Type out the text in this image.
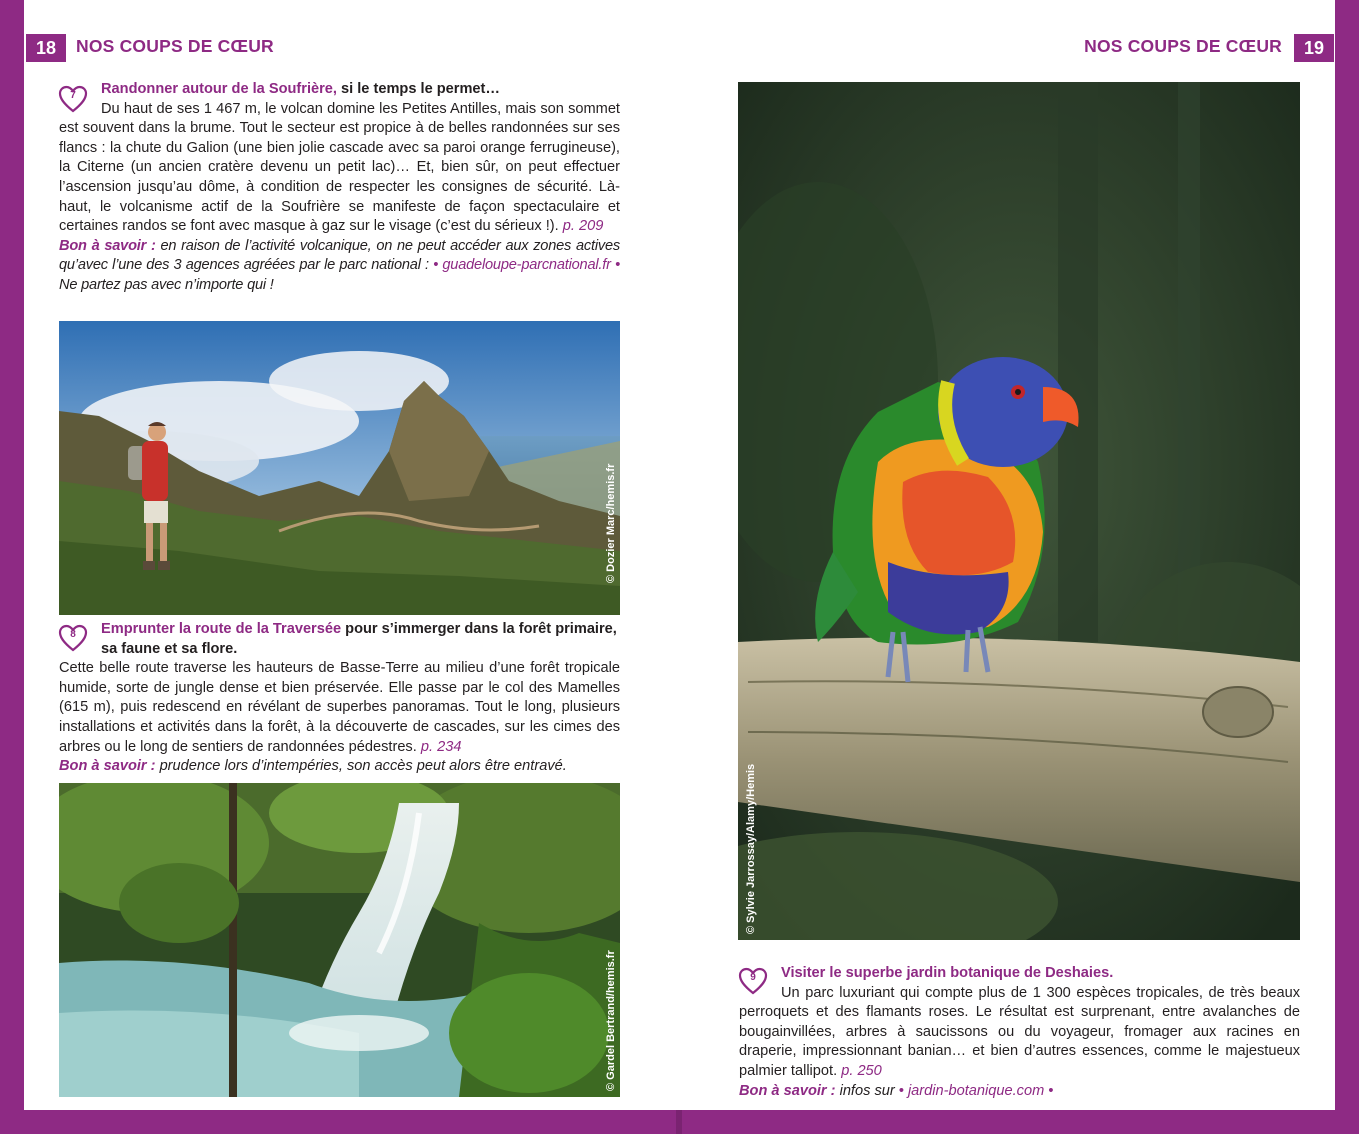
18	NOS COUPS DE CŒUR	NOS COUPS DE CŒUR	19
7	Randonner autour de la Soufrière, si le temps le permet…

Du haut de ses 1 467 m, le volcan domine les Petites Antilles, mais son sommet est souvent dans la brume. Tout le secteur est propice à de belles randonnées sur ses flancs : la chute du Galion (une bien jolie cascade avec sa paroi orange ferrugineuse), la Citerne (un ancien cratère devenu un petit lac)… Et, bien sûr, on peut effectuer l’ascension jusqu’au dôme, à condition de respecter les consignes de sécurité. Là-haut, le volcanisme actif de la Soufrière se manifeste de façon spectaculaire et certaines randos se font avec masque à gaz sur le visage (c’est du sérieux !). p. 209

Bon à savoir : en raison de l’activité volcanique, on ne peut accéder aux zones actives qu’avec l’une des 3 agences agréées par le parc national : • guadeloupe-parcnational.fr • Ne partez pas avec n’importe qui !

© Dozier Marc/hemis.fr
8	Emprunter la route de la Traversée pour s’immerger dans la forêt primaire, sa faune et sa flore.

Cette belle route traverse les hauteurs de Basse-Terre au milieu d’une forêt tropicale humide, sorte de jungle dense et bien préservée. Elle passe par le col des Mamelles (615 m), puis redescend en révélant de superbes panoramas. Tout le long, plusieurs installations et activités dans la forêt, à la découverte de cascades, sur les cimes des arbres ou le long de sentiers de randonnées pédestres. p. 234

Bon à savoir : prudence lors d’intempéries, son accès peut alors être entravé.

© Gardel Bertrand/hemis.fr
© Sylvie Jarrossay/Alamy/Hemis
9	Visiter le superbe jardin botanique de Deshaies.

Un parc luxuriant qui compte plus de 1 300 espèces tropicales, de très beaux perroquets et des flamants roses. Le résultat est surprenant, entre avalanches de bougainvillées, arbres à saucissons ou du voyageur, fromager aux racines en draperie, impressionnant banian… et bien d’autres essences, comme le majestueux palmier tallipot. p. 250

Bon à savoir : infos sur • jardin-botanique.com •
